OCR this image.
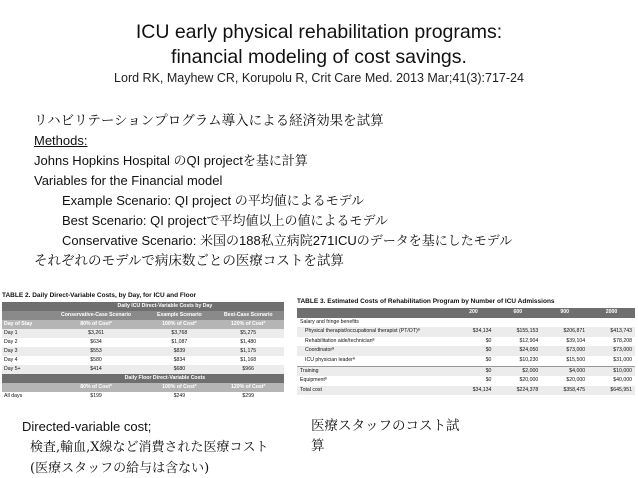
ICU early physical rehabilitation programs:
financial modeling of cost savings.
Lord RK, Mayhew CR, Korupolu R, Crit Care Med. 2013 Mar;41(3):717-24
リハビリテーションプログラム導入による経済効果を試算
Methods:
Johns Hopkins Hospital のQI projectを基に計算
Variables for the Financial model
Example Scenario: QI project の平均値によるモデル
Best Scenario: QI projectで平均値以上の値によるモデル
Conservative Scenario: 米国の188私立病院271ICUのデータを基にしたモデル
それぞれのモデルで病床数ごとの医療コストを試算
TABLE 2. Daily Direct-Variable Costs, by Day, for ICU and Floor
	Daily ICU Direct-Variable Costs by Day		
	Conservative-Case Scenario	Example Scenario	Best-Case Scenario
Day of Stay	80% of Costª	100% of Costª	120% of Costª
Day 1	$3,261	$3,768	$5,275
Day 2	$634	$1,087	$1,480
Day 3	$553	$839	$1,175
Day 4	$580	$834	$1,168
Day 5+	$414	$680	$966
	Daily Floor Direct-Variable Costs		
	80% of Costª	100% of Costª	120% of Costª
All days	$199	$249	$299
TABLE 3. Estimated Costs of Rehabilitation Program by Number of ICU Admissions
	200	600	900	2000
Salary and fringe benefits				
Physical therapist/occupational therapist (PT/OT)ª	$34,134	$155,153	$206,871	$413,743
Rehabilitation aide/technicianª	$0	$12,904	$39,104	$78,208
Coordinatorª	$0	$24,050	$73,000	$73,000
ICU physician leaderª	$0	$10,230	$15,500	$31,000
Training	$0	$2,000	$4,000	$10,000
Equipmentª	$0	$20,000	$20,000	$40,000
Total cost	$34,134	$224,378	$358,475	$645,951
Directed-variable cost;
検査,輸血,X線など消費された医療コスト
(医療スタッフの給与は含ない)
医療スタッフのコスト試
算
